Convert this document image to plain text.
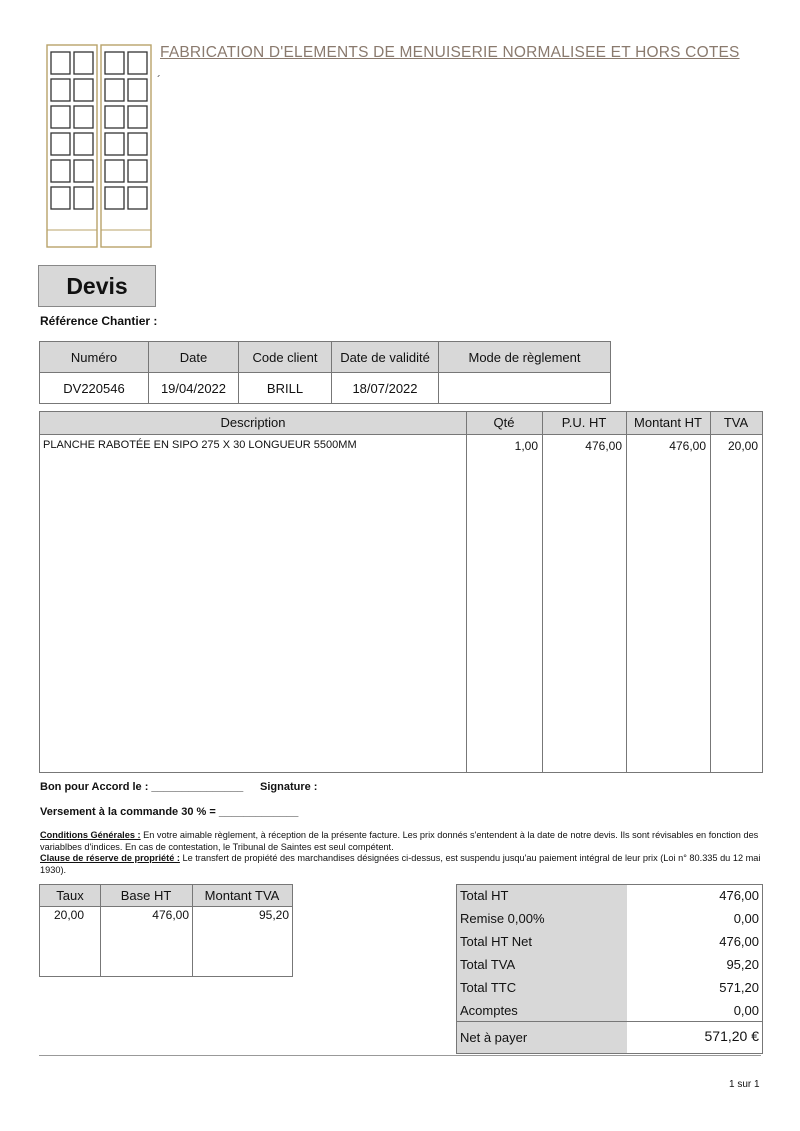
FABRICATION D'ELEMENTS DE MENUISERIE NORMALISEE ET HORS COTES
´
Devis
Référence Chantier :
Numéro	Date	Code client	Date de validité	Mode de règlement
DV220546	19/04/2022	BRILL	18/07/2022	
Description	Qté	P.U. HT	Montant HT	TVA
PLANCHE RABOTÉE EN SIPO 275 X 30 LONGUEUR 5500MM	1,00	476,00	476,00	20,00
Bon pour Accord le : _______________ Signature :
Versement à la commande 30 % = _____________
Conditions Générales : En votre aimable règlement, à réception de la présente facture. Les prix donnés s'entendent à la date de notre devis. Ils sont révisables en fonction des variablbes d'indices. En cas de contestation, le Tribunal de Saintes est seul compétent.
Clause de réserve de propriété : Le transfert de propiété des marchandises désignées ci-dessus, est suspendu jusqu'au paiement intégral de leur prix (Loi n° 80.335 du 12 mai 1930).
Taux	Base HT	Montant TVA
20,00	476,00	95,20
Total HT	476,00
Remise 0,00%	0,00
Total HT Net	476,00
Total TVA	95,20
Total TTC	571,20
Acomptes	0,00
Net à payer	571,20 €
1 sur 1
